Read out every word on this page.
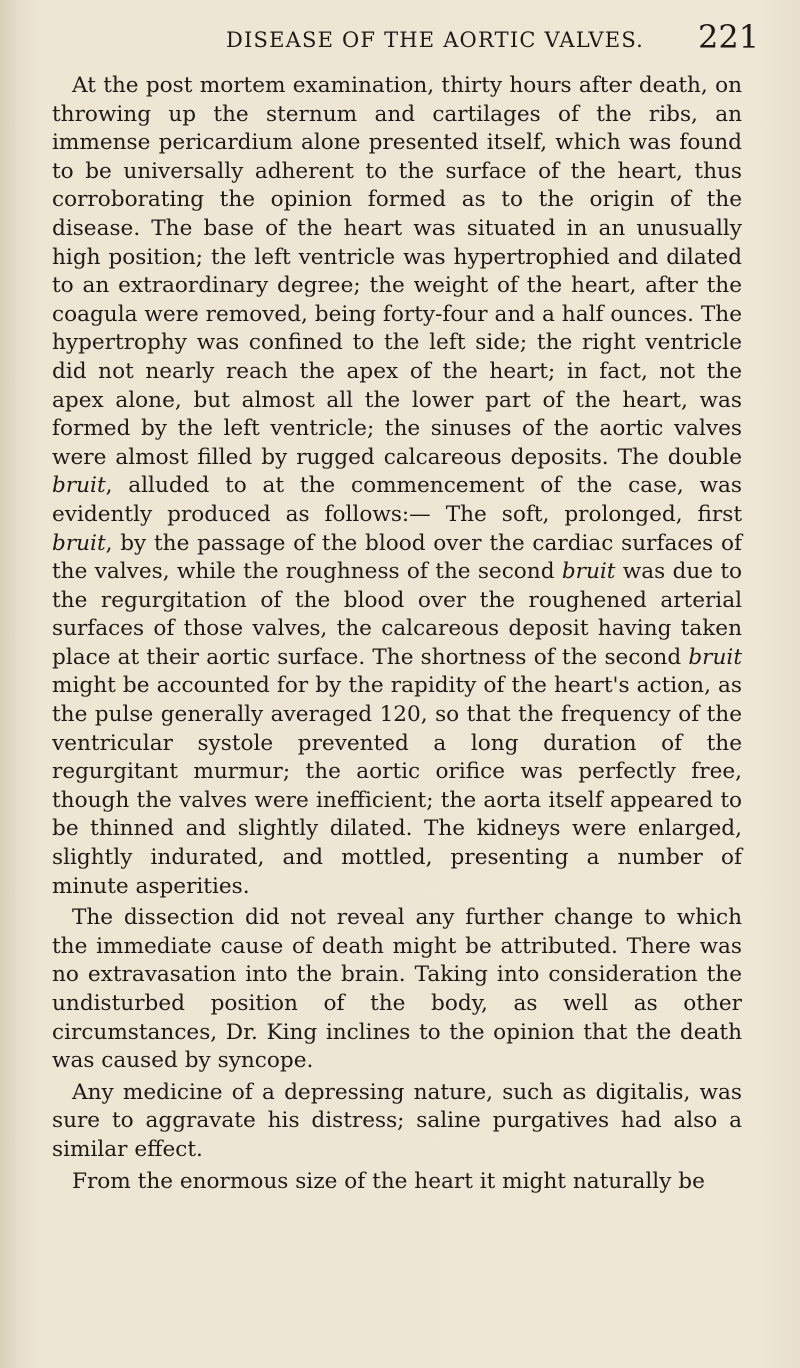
DISEASE OF THE AORTIC VALVES. 221

At the post mortem examination, thirty hours after death, on throwing up the sternum and cartilages of the ribs, an immense pericardium alone presented itself, which was found to be universally adherent to the surface of the heart, thus corroborating the opinion formed as to the origin of the disease. The base of the heart was situated in an unusually high position; the left ventricle was hypertrophied and dilated to an extraordinary degree; the weight of the heart, after the coagula were removed, being forty-four and a half ounces. The hypertrophy was confined to the left side; the right ventricle did not nearly reach the apex of the heart; in fact, not the apex alone, but almost all the lower part of the heart, was formed by the left ventricle; the sinuses of the aortic valves were almost filled by rugged calcareous deposits. The double bruit, alluded to at the commencement of the case, was evidently produced as follows:— The soft, prolonged, first bruit, by the passage of the blood over the cardiac surfaces of the valves, while the roughness of the second bruit was due to the regurgitation of the blood over the roughened arterial surfaces of those valves, the calcareous deposit having taken place at their aortic surface. The shortness of the second bruit might be accounted for by the rapidity of the heart's action, as the pulse generally averaged 120, so that the frequency of the ventricular systole prevented a long duration of the regurgitant murmur; the aortic orifice was perfectly free, though the valves were inefficient; the aorta itself appeared to be thinned and slightly dilated. The kidneys were enlarged, slightly indurated, and mottled, presenting a number of minute asperities.

The dissection did not reveal any further change to which the immediate cause of death might be attributed. There was no extravasation into the brain. Taking into consideration the undisturbed position of the body, as well as other circumstances, Dr. King inclines to the opinion that the death was caused by syncope.

Any medicine of a depressing nature, such as digitalis, was sure to aggravate his distress; saline purgatives had also a similar effect.

From the enormous size of the heart it might naturally be
